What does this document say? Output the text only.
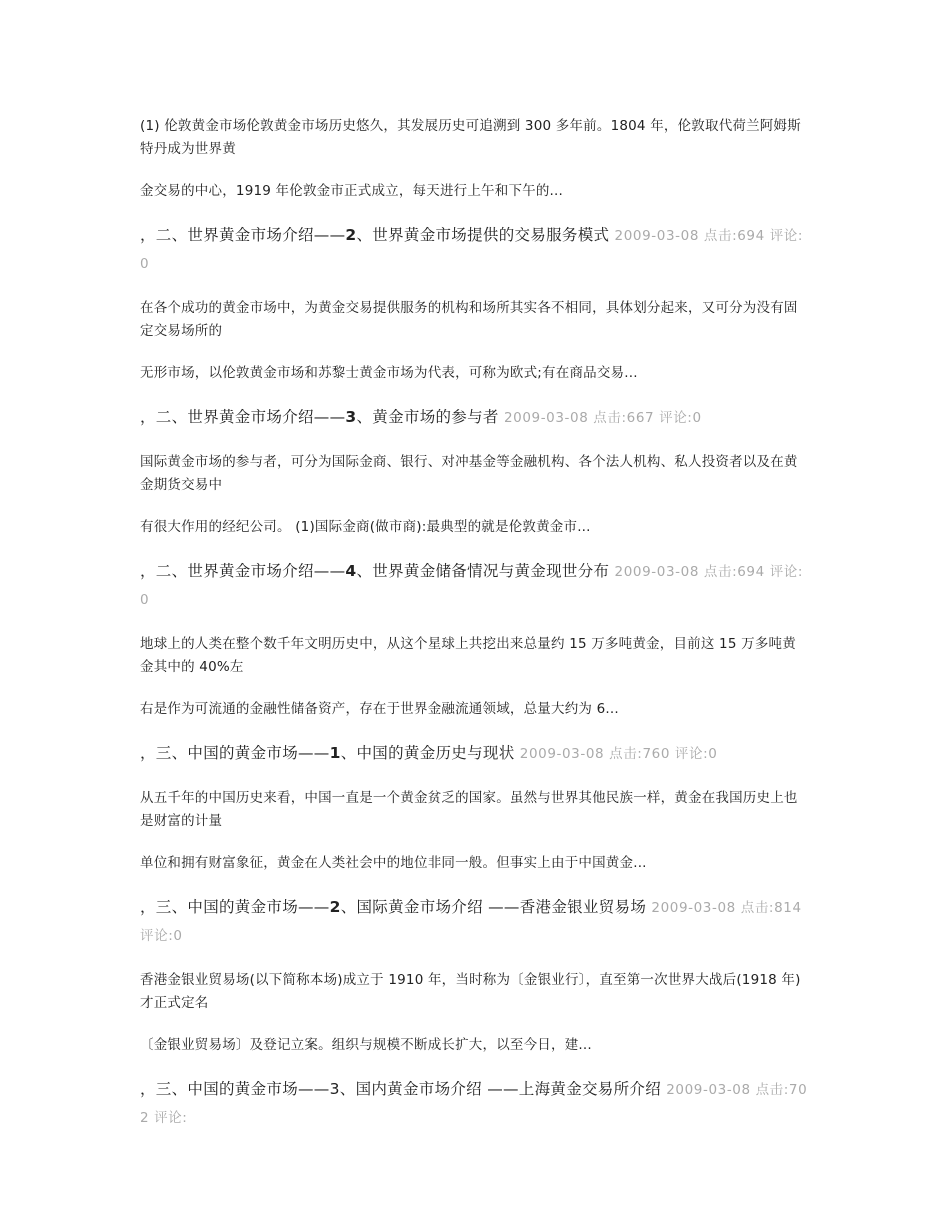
(1) 伦敦黄金市场伦敦黄金市场历史悠久，其发展历史可追溯到 300 多年前。1804 年，伦敦取代荷兰阿姆斯特丹成为世界黄
金交易的中心，1919 年伦敦金市正式成立，每天进行上午和下午的...
，二、世界黄金市场介绍——2、世界黄金市场提供的交易服务模式 2009-03-08 点击:694 评论:0
在各个成功的黄金市场中，为黄金交易提供服务的机构和场所其实各不相同，具体划分起来，又可分为没有固定交易场所的
无形市场，以伦敦黄金市场和苏黎士黄金市场为代表，可称为欧式;有在商品交易...
，二、世界黄金市场介绍——3、黄金市场的参与者 2009-03-08 点击:667 评论:0
国际黄金市场的参与者，可分为国际金商、银行、对冲基金等金融机构、各个法人机构、私人投资者以及在黄金期货交易中
有很大作用的经纪公司。 (1)国际金商(做市商):最典型的就是伦敦黄金市...
，二、世界黄金市场介绍——4、世界黄金储备情况与黄金现世分布 2009-03-08 点击:694 评论:0
地球上的人类在整个数千年文明历史中，从这个星球上共挖出来总量约 15 万多吨黄金，目前这 15 万多吨黄金其中的 40%左
右是作为可流通的金融性储备资产，存在于世界金融流通领域，总量大约为 6...
，三、中国的黄金市场——1、中国的黄金历史与现状 2009-03-08 点击:760 评论:0
从五千年的中国历史来看，中国一直是一个黄金贫乏的国家。虽然与世界其他民族一样，黄金在我国历史上也是财富的计量
单位和拥有财富象征，黄金在人类社会中的地位非同一般。但事实上由于中国黄金...
，三、中国的黄金市场——2、国际黄金市场介绍 ——香港金银业贸易场 2009-03-08 点击:814 评论:0
香港金银业贸易场(以下简称本场)成立于 1910 年，当时称为〔金银业行〕，直至第一次世界大战后(1918 年)才正式定名
〔金银业贸易场〕及登记立案。组织与规模不断成长扩大，以至今日，建...
，三、中国的黄金市场——3、国内黄金市场介绍 ——上海黄金交易所介绍 2009-03-08 点击:702 评论:
